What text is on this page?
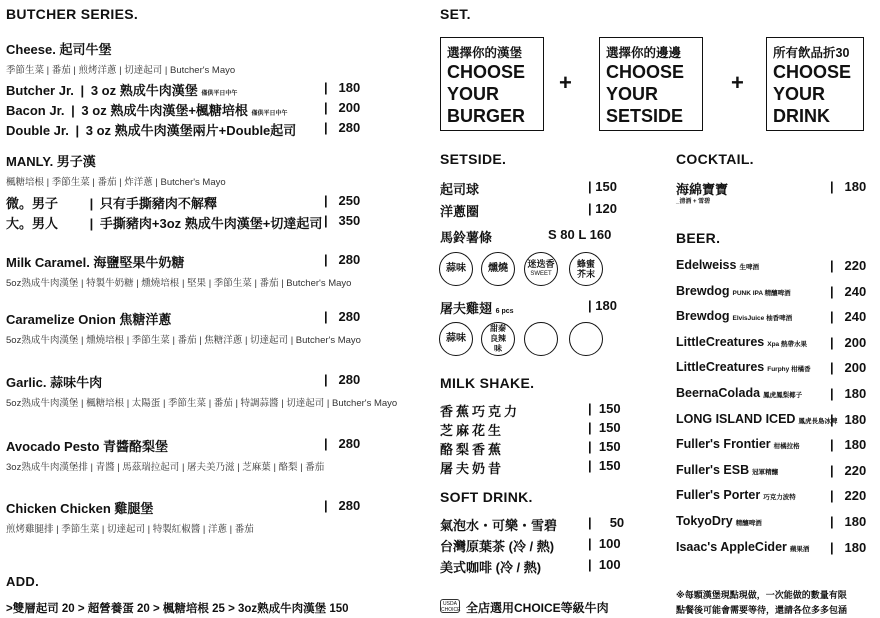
BUTCHER SERIES.
Cheese. 起司牛堡
季節生菜 | 番茄 | 煎烤洋蔥 | 切達起司 | Butcher's Mayo
Butcher Jr. | 3 oz 熟成牛肉漢堡 僅供平日中午	|   180
Bacon Jr. | 3 oz 熟成牛肉漢堡+楓糖培根 僅供平日中午	|   200
Double Jr. | 3 oz 熟成牛肉漢堡兩片+Double起司 |   280
MANLY. 男子漢
楓糖培根 | 季節生菜 | 番茄 | 炸洋蔥 | Butcher's Mayo
微。男子 | 只有手撕豬肉不解釋	|   250
大。男人 | 手撕豬肉+3oz 熟成牛肉漢堡+切達起司 |   350
Milk Caramel. 海鹽堅果牛奶糖	|   280
5oz熟成牛肉漢堡 | 特製牛奶糖 | 燻燒培根 | 堅果 | 季節生菜 | 番茄 | Butcher's Mayo
Caramelize Onion 焦糖洋蔥	|   280
5oz熟成牛肉漢堡 | 燻燒培根 | 季節生菜 | 番茄 | 焦糖洋蔥 | 切達起司 | Butcher's Mayo
Garlic. 蒜味牛肉	|   280
5oz熟成牛肉漢堡 | 楓糖培根 | 太陽蛋 | 季節生菜 | 番茄 | 特調蒜醬 | 切達起司 | Butcher's Mayo
Avocado Pesto 青醬酪梨堡	|   280
3oz熟成牛肉漢堡排 | 青醬 | 馬茲瑞拉起司 | 屠夫美乃滋 | 芝麻葉 | 酪梨 | 番茄
Chicken Chicken 雞腿堡	|   280
煎烤雞腿排 | 季節生菜 | 切達起司 | 特製紅椒醬 | 洋蔥 | 番茄
ADD.
>雙層起司 20 > 超營養蛋 20 > 楓糖培根 25 > 3oz熟成牛肉漢堡 150
SET.
選擇你的漢堡
CHOOSE
YOUR
BURGER
+
選擇你的邊邊
CHOOSE
YOUR
SETSIDE
+
所有飲品折30
CHOOSE
YOUR
DRINK
SETSIDE.
起司球	| 150
洋蔥圈	| 120
馬鈴薯條	S 80 L 160
蒜味 燻燒 迷迭香
SWEET
蜂蜜芥末
屠夫雞翅 6 pcs	| 180
蒜味
甜秦良辣味
MILK SHAKE.
香蕉巧克力	|  150
芝麻花生	|  150
酪梨香蕉	|  150
屠夫奶昔	|  150
SOFT DRINK.
氣泡水・可樂・雪碧 |     50
台灣原葉茶 (冷 / 熱)	|  100
美式咖啡 (冷 / 熱)	|  100
USDA CHOICE 全店選用CHOICE等級牛肉
COCKTAIL.
海綿寶寶
_清酒 + 雪碧
|   180
BEER.
Edelweiss 生啤酒	|   220
Brewdog PUNK IPA 精釀啤酒	|   240
Brewdog ElvisJuice 柚香啤酒	|   240
LittleCreatures Xpa 熱帶水果 |   200
LittleCreatures Furphy 柑橘香 |   200
BeernaColada 鳳虎鳳梨椰子 |   180
LONG ISLAND ICED 鳳虎長島冰啤
|   180
Fuller's Frontier 柑橘拉格 |   180
Fuller's ESB 冠軍精釀	|   220
Fuller's Porter 巧克力波特	|   220
TokyoDry 精釀啤酒	|   180
Isaac's AppleCider 蘋果酒 |   180
※每顆漢堡現點現做，一次能做的數量有限
點餐後可能會需要等待，還請各位多多包涵
